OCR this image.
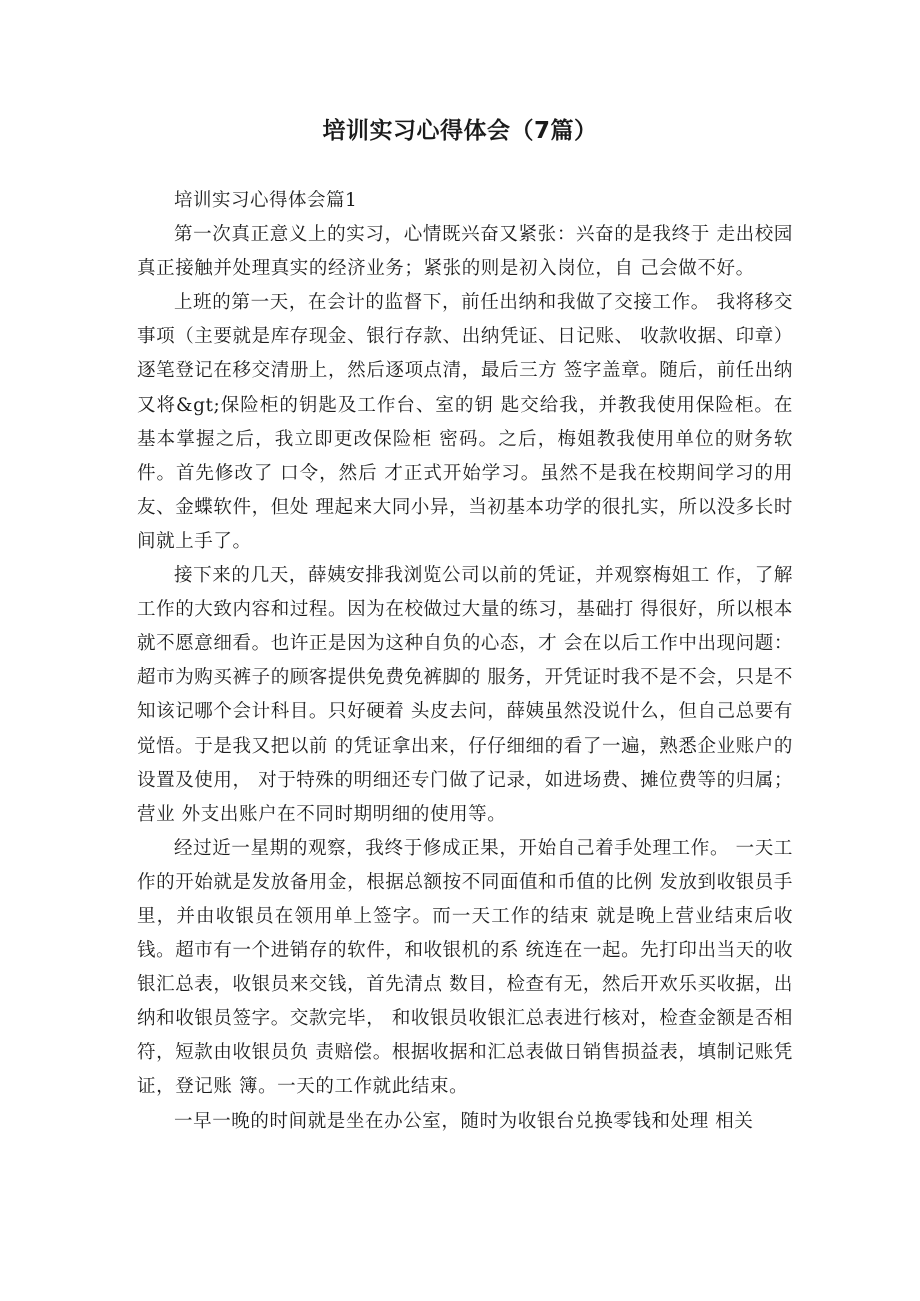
培训实习心得体会（7篇）

培训实习心得体会篇1

第一次真正意义上的实习，心情既兴奋又紧张：兴奋的是我终于 走出校园真正接触并处理真实的经济业务；紧张的则是初入岗位，自 己会做不好。

上班的第一天，在会计的监督下，前任出纳和我做了交接工作。 我将移交事项（主要就是库存现金、银行存款、出纳凭证、日记账、 收款收据、印章）逐笔登记在移交清册上，然后逐项点清，最后三方 签字盖章。随后，前任出纳又将&gt;保险柜的钥匙及工作台、室的钥 匙交给我，并教我使用保险柜。在基本掌握之后，我立即更改保险柜 密码。之后，梅姐教我使用单位的财务软件。首先修改了 口令，然后 才正式开始学习。虽然不是我在校期间学习的用友、金蝶软件，但处 理起来大同小异，当初基本功学的很扎实，所以没多长时间就上手了。

接下来的几天，薛姨安排我浏览公司以前的凭证，并观察梅姐工 作，了解工作的大致内容和过程。因为在校做过大量的练习，基础打 得很好，所以根本就不愿意细看。也许正是因为这种自负的心态，才 会在以后工作中出现问题：超市为购买裤子的顾客提供免费免裤脚的 服务，开凭证时我不是不会，只是不知该记哪个会计科目。只好硬着 头皮去问，薛姨虽然没说什么，但自己总要有觉悟。于是我又把以前 的凭证拿出来，仔仔细细的看了一遍，熟悉企业账户的设置及使用， 对于特殊的明细还专门做了记录，如进场费、摊位费等的归属；营业 外支出账户在不同时期明细的使用等。

经过近一星期的观察，我终于修成正果，开始自己着手处理工作。 一天工作的开始就是发放备用金，根据总额按不同面值和币值的比例 发放到收银员手里，并由收银员在领用单上签字。而一天工作的结束 就是晚上营业结束后收钱。超市有一个进销存的软件，和收银机的系 统连在一起。先打印出当天的收银汇总表，收银员来交钱，首先清点 数目，检查有无，然后开欢乐买收据，出纳和收银员签字。交款完毕， 和收银员收银汇总表进行核对，检查金额是否相符，短款由收银员负 责赔偿。根据收据和汇总表做日销售损益表，填制记账凭证，登记账 簿。一天的工作就此结束。

一早一晚的时间就是坐在办公室，随时为收银台兑换零钱和处理 相关
